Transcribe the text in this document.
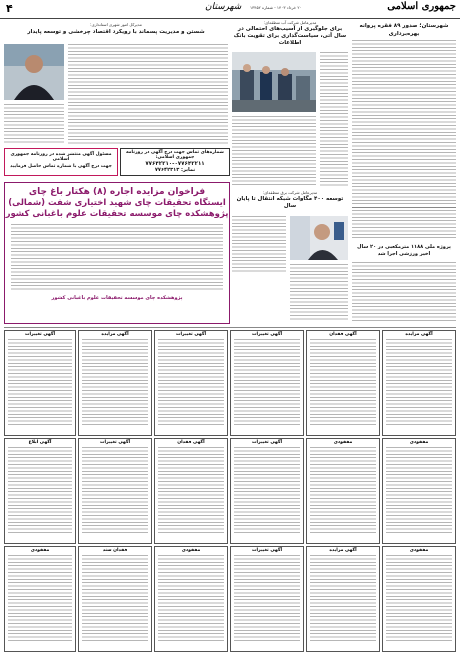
۴	۲۰ خرداد ۱۴۰۳ - شماره ۱۳۴۵۲
شهرستان	جمهوری اسلامی
شهرستان؛ صدور ۸۹ فقره پروانه بهره‌برداری
پروژه ملی ۱۱۸۸ مترمکعبی در ۲۰ سال اخیر ورزشی اجرا شد
مدیرعامل شرکت آب منطقه‌ای:
برای جلوگیری از آسیب‌های احتمالی در سال آتی، سیاست‌گذاری برای تقویت بانک اطلاعات
مدیرعامل شرکت برق منطقه‌ای:
توسعه ۴۰۰ مگاوات شبکه انتقال تا پایان سال
مدیرکل امور شهری استانداری:
شستن و مدیریت پسماند با رویکرد اقتصاد چرخشی و توسعه پایدار
شماره‌های تماس جهت درج آگهی در روزنامه جمهوری اسلامی:
۷۷۶۴۲۲۱۰-۰۷۷۶۴۲۲۱۱
نمابر: ۷۷۶۴۲۳۱۳
مسئول آگهی منتشر شده در روزنامه جمهوری اسلامی
جهت درج آگهی با شماره تماس حاصل فرمایید
فراخوان مزایده اجاره (۸) هکتار باغ چای
ایستگاه تحقیقات چای شهید اختیاری شفت (شمالی)
پژوهشکده چای موسسه تحقیقات علوم باغبانی کشور
پژوهشکده چای موسسه تحقیقات علوم باغبانی کشور
آگهی مزایده
آگهی فقدان
آگهی تغییرات
آگهی تغییرات
آگهی مزایده
آگهی تغییرات
مفقودی
مفقودی
آگهی تغییرات
آگهی فقدان
آگهی تغییرات
آگهی ابلاغ
مفقودی
آگهی مزایده
آگهی تغییرات
مفقودی
فقدان سند
مفقودی
